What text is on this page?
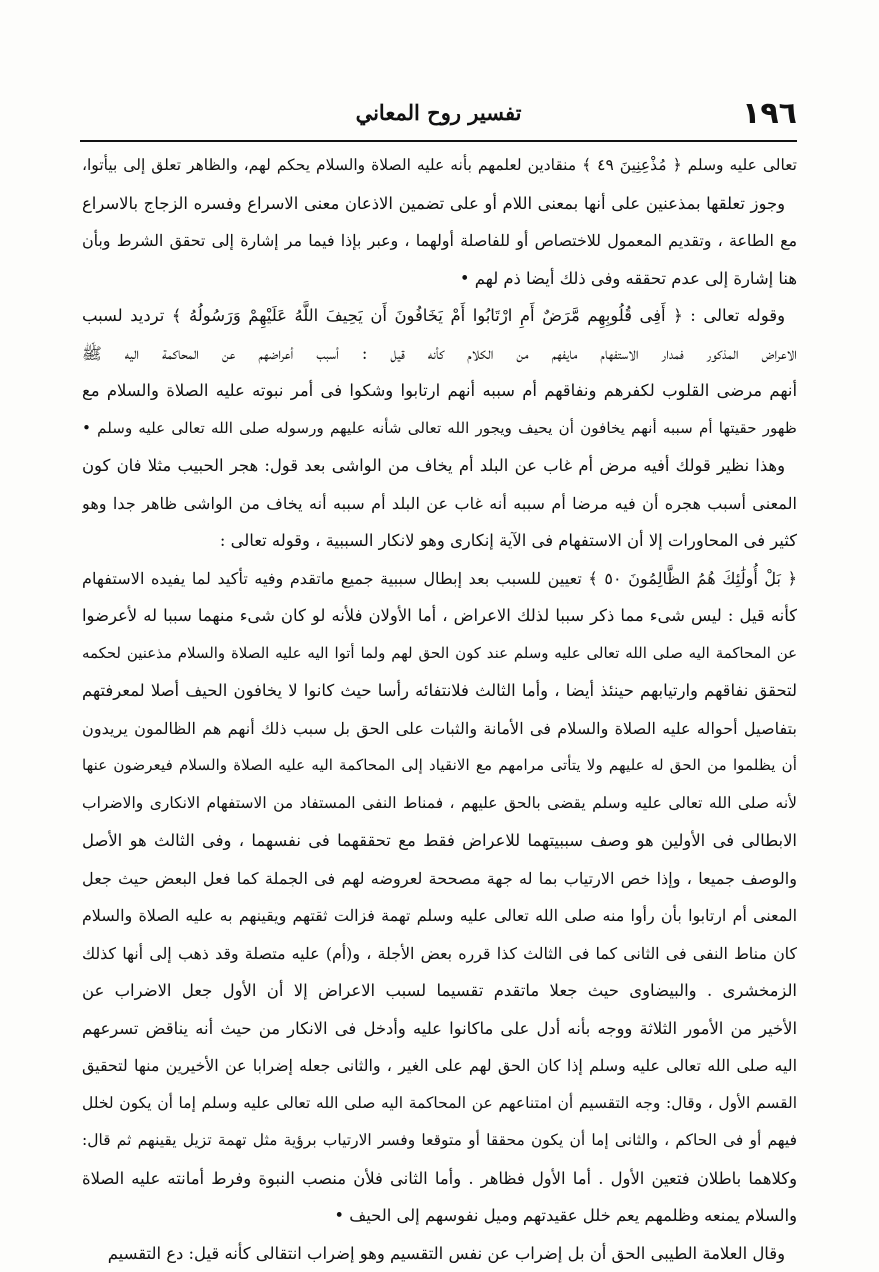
١٩٦
تفسير روح المعاني
تعالى عليه وسلم ﴿ مُذْعِنِينَ ٤٩ ﴾ منقادين لعلمهم بأنه عليه الصلاة والسلام يحكم لهم، والظاهر تعلق إلى بيأتوا،
وجوز تعلقها بمذعنين على أنها بمعنى اللام أو على تضمين الاذعان معنى الاسراع وفسره الزجاج بالاسراع
مع الطاعة ، وتقديم المعمول للاختصاص أو للفاصلة أولهما ، وعبر بإذا فيما مر إشارة إلى تحقق الشرط وبأن
هنا إشارة إلى عدم تحققه وفى ذلك أيضا ذم لهم •
وقوله تعالى : ﴿ أَفِى قُلُوبِهِم مَّرَضٌ أَمِ ارْتَابُوا أَمْ يَخَافُونَ أَن يَحِيفَ اللَّهُ عَلَيْهِمْ وَرَسُولُهُ ﴾ ترديد لسبب
الاعراض المذكور فمدار الاستفهام مايفهم من الكلام كأنه قيل : أسبب أعراضهم عن المحاكمة اليه ﷺ
أنهم مرضى القلوب لكفرهم ونفاقهم أم سببه أنهم ارتابوا وشكوا فى أمر نبوته عليه الصلاة والسلام مع
ظهور حقيتها أم سببه أنهم يخافون أن يحيف ويجور الله تعالى شأنه عليهم ورسوله صلى الله تعالى عليه وسلم •
وهذا نظير قولك أفيه مرض أم غاب عن البلد أم يخاف من الواشى بعد قول: هجر الحبيب مثلا فان كون
المعنى أسبب هجره أن فيه مرضا أم سببه أنه غاب عن البلد أم سببه أنه يخاف من الواشى ظاهر جدا وهو
كثير فى المحاورات إلا أن الاستفهام فى الآية إنكارى وهو لانكار السببية ، وقوله تعالى :
﴿ بَلْ أُولَٰئِكَ هُمُ الظَّالِمُونَ ٥٠ ﴾ تعيين للسبب بعد إبطال سببية جميع ماتقدم وفيه تأكيد لما يفيده الاستفهام
كأنه قيل : ليس شىء مما ذكر سببا لذلك الاعراض ، أما الأولان فلأنه لو كان شىء منهما سببا له لأعرضوا
عن المحاكمة اليه صلى الله تعالى عليه وسلم عند كون الحق لهم ولما أتوا اليه عليه الصلاة والسلام مذعنين لحكمه
لتحقق نفاقهم وارتيابهم حينئذ أيضا ، وأما الثالث فلانتفائه رأسا حيث كانوا لا يخافون الحيف أصلا لمعرفتهم
بتفاصيل أحواله عليه الصلاة والسلام فى الأمانة والثبات على الحق بل سبب ذلك أنهم هم الظالمون يريدون
أن يظلموا من الحق له عليهم ولا يتأتى مرامهم مع الانقياد إلى المحاكمة اليه عليه الصلاة والسلام فيعرضون عنها
لأنه صلى الله تعالى عليه وسلم يقضى بالحق عليهم ، فمناط النفى المستفاد من الاستفهام الانكارى والاضراب
الابطالى فى الأولين هو وصف سببيتهما للاعراض فقط مع تحققهما فى نفسهما ، وفى الثالث هو الأصل
والوصف جميعا ، وإذا خص الارتياب بما له جهة مصححة لعروضه لهم فى الجملة كما فعل البعض حيث جعل
المعنى أم ارتابوا بأن رأوا منه صلى الله تعالى عليه وسلم تهمة فزالت ثقتهم ويقينهم به عليه الصلاة والسلام
كان مناط النفى فى الثانى كما فى الثالث كذا قرره بعض الأجلة ، و(أم) عليه متصلة وقد ذهب إلى أنها كذلك
الزمخشرى . والبيضاوى حيث جعلا ماتقدم تقسيما لسبب الاعراض إلا أن الأول جعل الاضراب عن
الأخير من الأمور الثلاثة ووجه بأنه أدل على ماكانوا عليه وأدخل فى الانكار من حيث أنه يناقض تسرعهم
اليه صلى الله تعالى عليه وسلم إذا كان الحق لهم على الغير ، والثانى جعله إضرابا عن الأخيرين منها لتحقيق
القسم الأول ، وقال: وجه التقسيم أن امتناعهم عن المحاكمة اليه صلى الله تعالى عليه وسلم إما أن يكون لخلل
فيهم أو فى الحاكم ، والثانى إما أن يكون محققا أو متوقعا وفسر الارتياب برؤية مثل تهمة تزيل يقينهم ثم قال:
وكلاهما باطلان فتعين الأول . أما الأول فظاهر . وأما الثانى فلأن منصب النبوة وفرط أمانته عليه الصلاة
والسلام يمنعه وظلمهم يعم خلل عقيدتهم وميل نفوسهم إلى الحيف •
وقال العلامة الطيبى الحق أن بل إضراب عن نفس التقسيم وهو إضراب انتقالى كأنه قيل: دع التقسيم
